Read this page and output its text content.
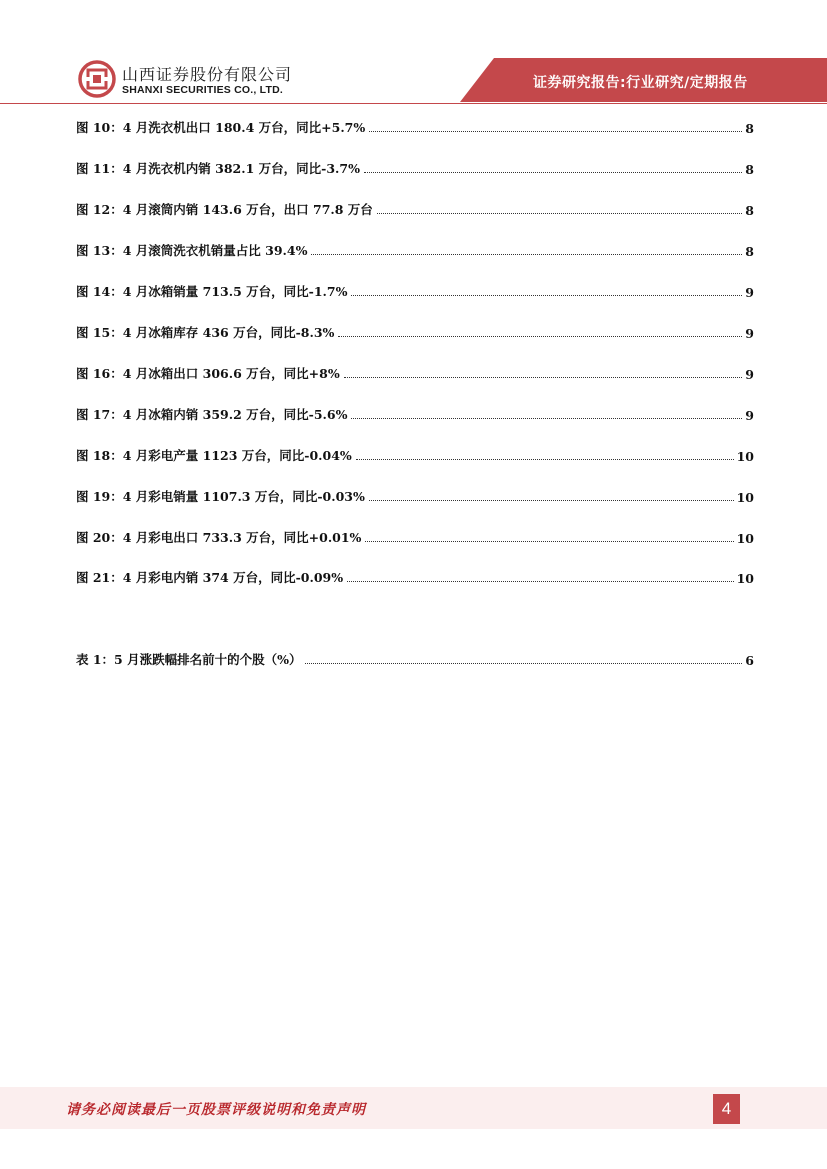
山西证券股份有限公司
SHANXI SECURITIES CO., LTD.	证券研究报告:行业研究/定期报告
图 10：4 月洗衣机出口 180.4 万台，同比+5.7%	8
图 11：4 月洗衣机内销 382.1 万台，同比-3.7%	8
图 12：4 月滚筒内销 143.6 万台，出口 77.8 万台	8
图 13：4 月滚筒洗衣机销量占比 39.4%	8
图 14：4 月冰箱销量 713.5 万台，同比-1.7%	9
图 15：4 月冰箱库存 436 万台，同比-8.3%	9
图 16：4 月冰箱出口 306.6 万台，同比+8%	9
图 17：4 月冰箱内销 359.2 万台，同比-5.6%	9
图 18：4 月彩电产量 1123 万台，同比-0.04%	10
图 19：4 月彩电销量 1107.3 万台，同比-0.03%	10
图 20：4 月彩电出口 733.3 万台，同比+0.01%	10
图 21：4 月彩电内销 374 万台，同比-0.09%	10
表 1：5 月涨跌幅排名前十的个股（%）	6
请务必阅读最后一页股票评级说明和免责声明	4
